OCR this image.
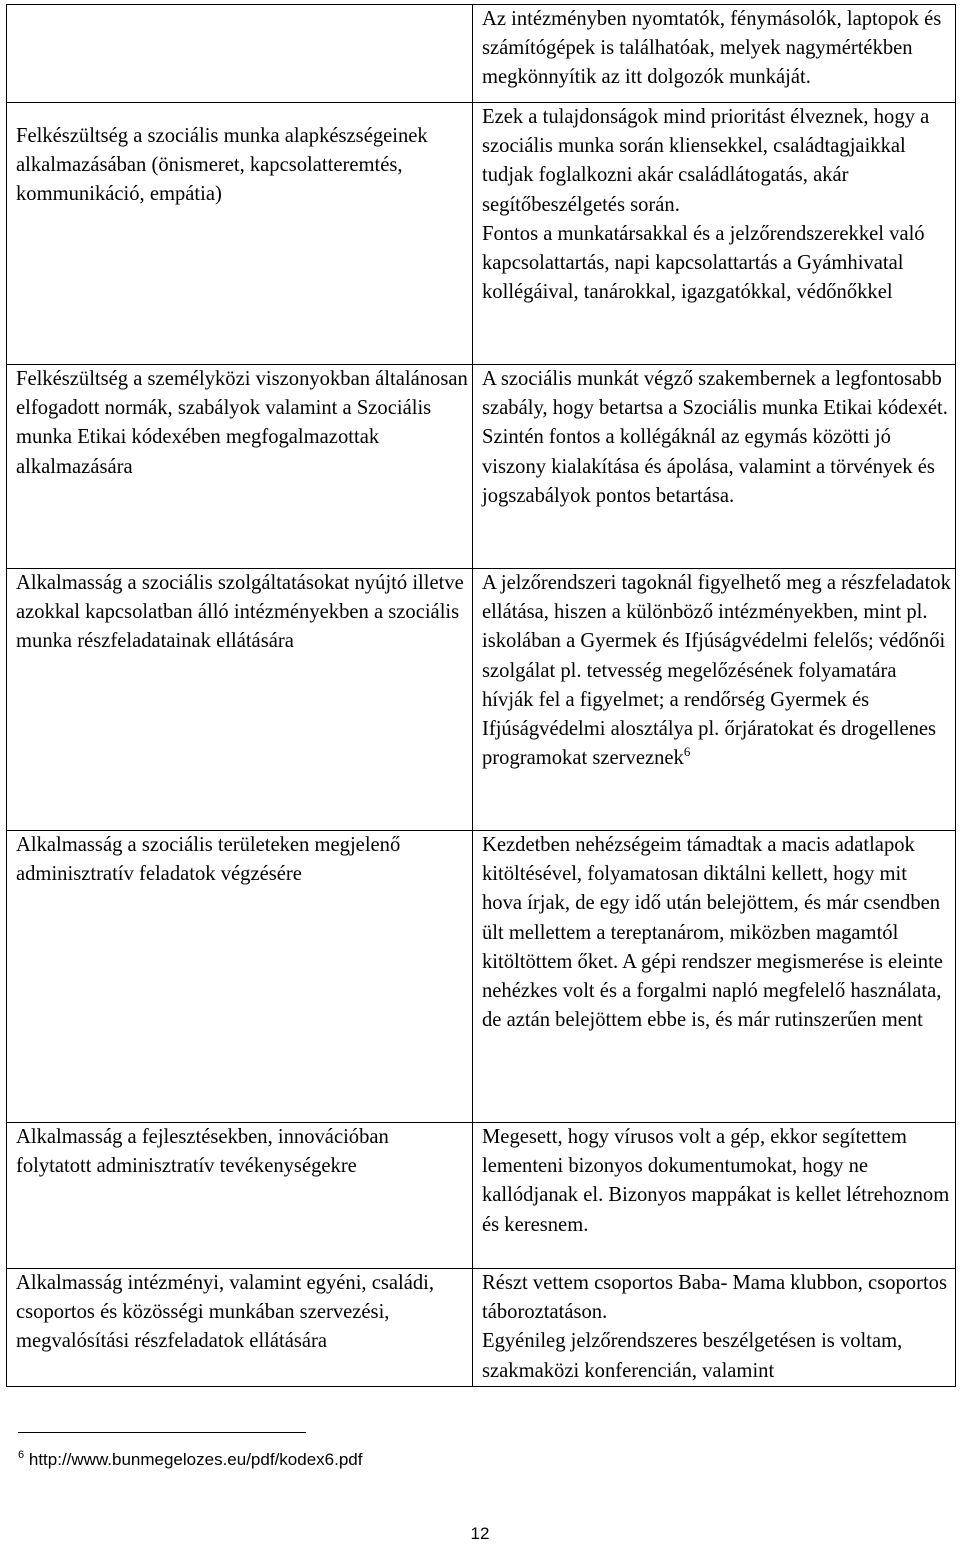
	Az intézményben nyomtatók, fénymásolók, laptopok és számítógépek is találhatóak, melyek nagymértékben megkönnyítik az itt dolgozók munkáját.

Felkészültség a szociális munka alapkészségeinek alkalmazásában (önismeret, kapcsolatteremtés, kommunikáció, empátia)	Ezek a tulajdonságok mind prioritást élveznek, hogy a szociális munka során kliensekkel, családtagjaikkal tudjak foglalkozni akár családlátogatás, akár segítőbeszélgetés során.
Fontos a munkatársakkal és a jelzőrendszerekkel való kapcsolattartás, napi kapcsolattartás a Gyámhivatal kollégáival, tanárokkal, igazgatókkal, védőnőkkel

Felkészültség a személyközi viszonyokban általánosan elfogadott normák, szabályok valamint a Szociális munka Etikai kódexében megfogalmazottak alkalmazására	A szociális munkát végző szakembernek a legfontosabb szabály, hogy betartsa a Szociális munka Etikai kódexét.
Szintén fontos a kollégáknál az egymás közötti jó viszony kialakítása és ápolása, valamint a törvények és jogszabályok pontos betartása.

Alkalmasság a szociális szolgáltatásokat nyújtó illetve azokkal kapcsolatban álló intézményekben a szociális munka részfeladatainak ellátására	A jelzőrendszeri tagoknál figyelhető meg a részfeladatok ellátása, hiszen a különböző intézményekben, mint pl. iskolában a Gyermek és Ifjúságvédelmi felelős; védőnői szolgálat pl. tetvesség megelőzésének folyamatára hívják fel a figyelmet; a rendőrség Gyermek és Ifjúságvédelmi alosztálya pl. őrjáratokat és drogellenes programokat szerveznek$^6$

Alkalmasság a szociális területeken megjelenő adminisztratív feladatok végzésére	Kezdetben nehézségeim támadtak a macis adatlapok kitöltésével, folyamatosan diktálni kellett, hogy mit hova írjak, de egy idő után belejöttem, és már csendben ült mellettem a tereptanárom, miközben magamtól kitöltöttem őket. A gépi rendszer megismerése is eleinte nehézkes volt és a forgalmi napló megfelelő használata, de aztán belejöttem ebbe is, és már rutinszerűen ment

Alkalmasság a fejlesztésekben, innovációban folytatott adminisztratív tevékenységekre	Megesett, hogy vírusos volt a gép, ekkor segítettem lementeni bizonyos dokumentumokat, hogy ne kallódjanak el. Bizonyos mappákat is kellet létrehoznom és keresnem.

Alkalmasság intézményi, valamint egyéni, családi, csoportos és közösségi munkában szervezési, megvalósítási részfeladatok ellátására	Részt vettem csoportos Baba- Mama klubbon, csoportos táboroztatáson.
Egyénileg jelzőrendszeres beszélgetésen is voltam, szakmaközi konferencián, valamint
$^6$ http://www.bunmegelozes.eu/pdf/kodex6.pdf
12
